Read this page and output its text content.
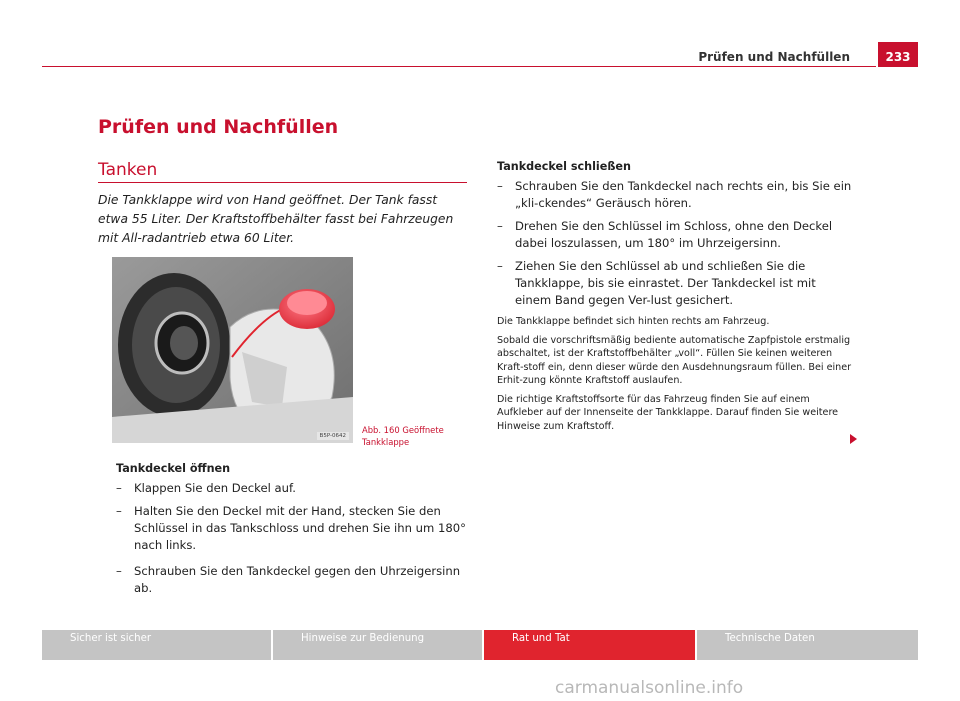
Prüfen und Nachfüllen	233
Prüfen und Nachfüllen
Tanken
Die Tankklappe wird von Hand geöffnet. Der Tank fasst etwa 55 Liter. Der Kraftstoffbehälter fasst bei Fahrzeugen mit All-radantrieb etwa 60 Liter.
B5P-0642
Abb. 160 Geöffnete
Tankklappe
Tankdeckel öffnen
– Klappen Sie den Deckel auf.
– Halten Sie den Deckel mit der Hand, stecken Sie den Schlüssel in das Tankschloss und drehen Sie ihn um 180° nach links.
– Schrauben Sie den Tankdeckel gegen den Uhrzeigersinn ab.
Tankdeckel schließen
– Schrauben Sie den Tankdeckel nach rechts ein, bis Sie ein „kli-ckendes“ Geräusch hören.
– Drehen Sie den Schlüssel im Schloss, ohne den Deckel dabei loszulassen, um 180° im Uhrzeigersinn.
– Ziehen Sie den Schlüssel ab und schließen Sie die Tankklappe, bis sie einrastet. Der Tankdeckel ist mit einem Band gegen Ver-lust gesichert.

Die Tankklappe befindet sich hinten rechts am Fahrzeug.

Sobald die vorschriftsmäßig bediente automatische Zapfpistole erstmalig abschaltet, ist der Kraftstoffbehälter „voll“. Füllen Sie keinen weiteren Kraft-stoff ein, denn dieser würde den Ausdehnungsraum füllen. Bei einer Erhit-zung könnte Kraftstoff auslaufen.

Die richtige Kraftstoffsorte für das Fahrzeug finden Sie auf einem Aufkleber auf der Innenseite der Tankklappe. Darauf finden Sie weitere Hinweise zum Kraftstoff.

Sicher ist sicher	Hinweise zur Bedienung	Rat und Tat	Technische Daten
carmanualsonline.info
